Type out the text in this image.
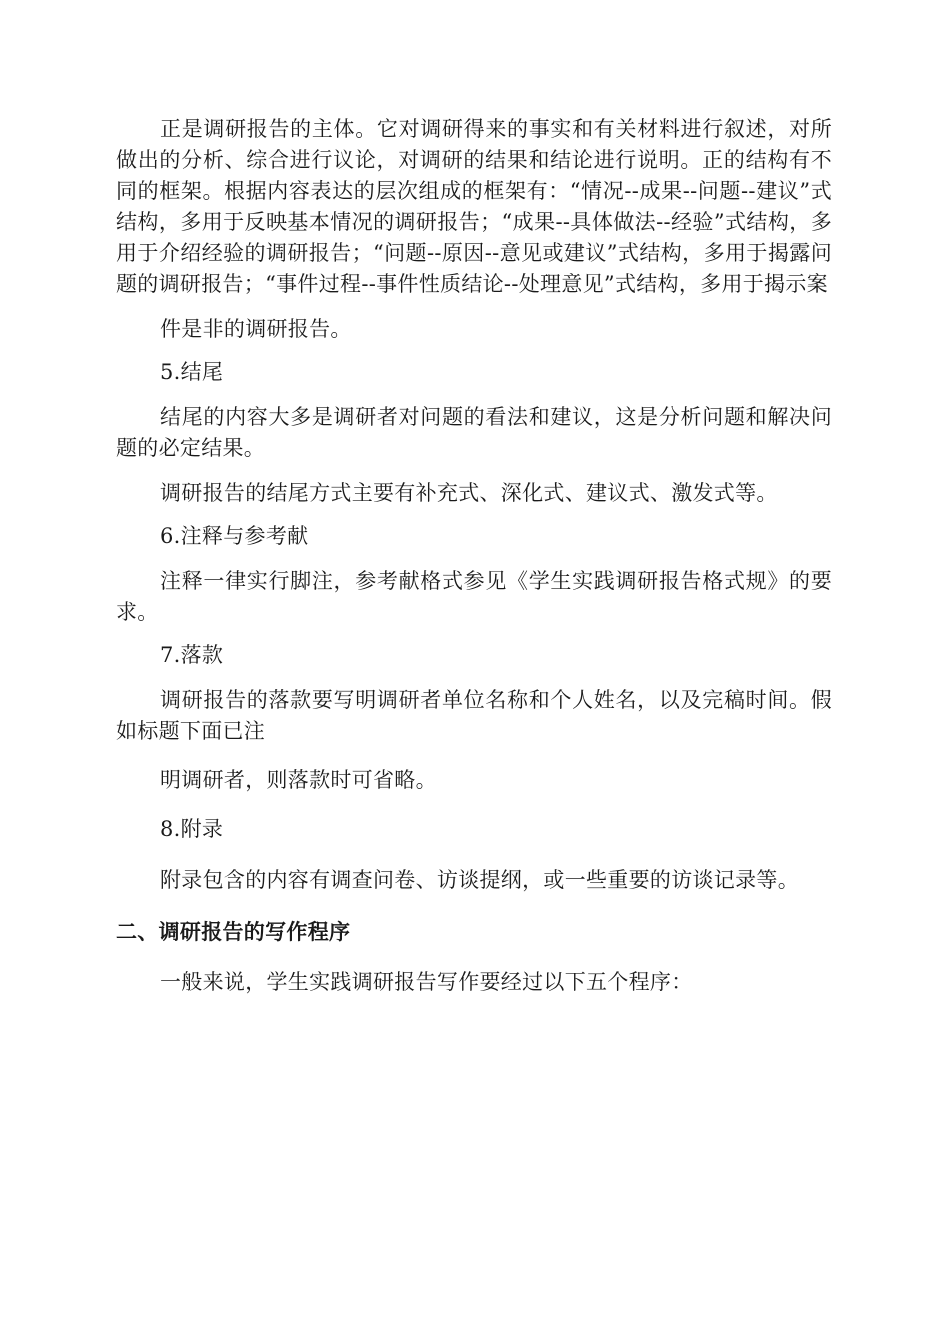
正是调研报告的主体。它对调研得来的事实和有关材料进行叙述，对所做出的分析、综合进行议论，对调研的结果和结论进行说明。正的结构有不同的框架。根据内容表达的层次组成的框架有：“情况--成果--问题--建议”式结构，多用于反映基本情况的调研报告；“成果--具体做法--经验”式结构，多用于介绍经验的调研报告；“问题--原因--意见或建议”式结构，多用于揭露问题的调研报告；“事件过程--事件性质结论--处理意见”式结构，多用于揭示案

件是非的调研报告。

5.结尾

结尾的内容大多是调研者对问题的看法和建议，这是分析问题和解决问题的必定结果。

调研报告的结尾方式主要有补充式、深化式、建议式、激发式等。

6.注释与参考献

注释一律实行脚注，参考献格式参见《学生实践调研报告格式规》的要求。

7.落款

调研报告的落款要写明调研者单位名称和个人姓名，以及完稿时间。假如标题下面已注

明调研者，则落款时可省略。

8.附录

附录包含的内容有调查问卷、访谈提纲，或一些重要的访谈记录等。

二、调研报告的写作程序

一般来说，学生实践调研报告写作要经过以下五个程序：
